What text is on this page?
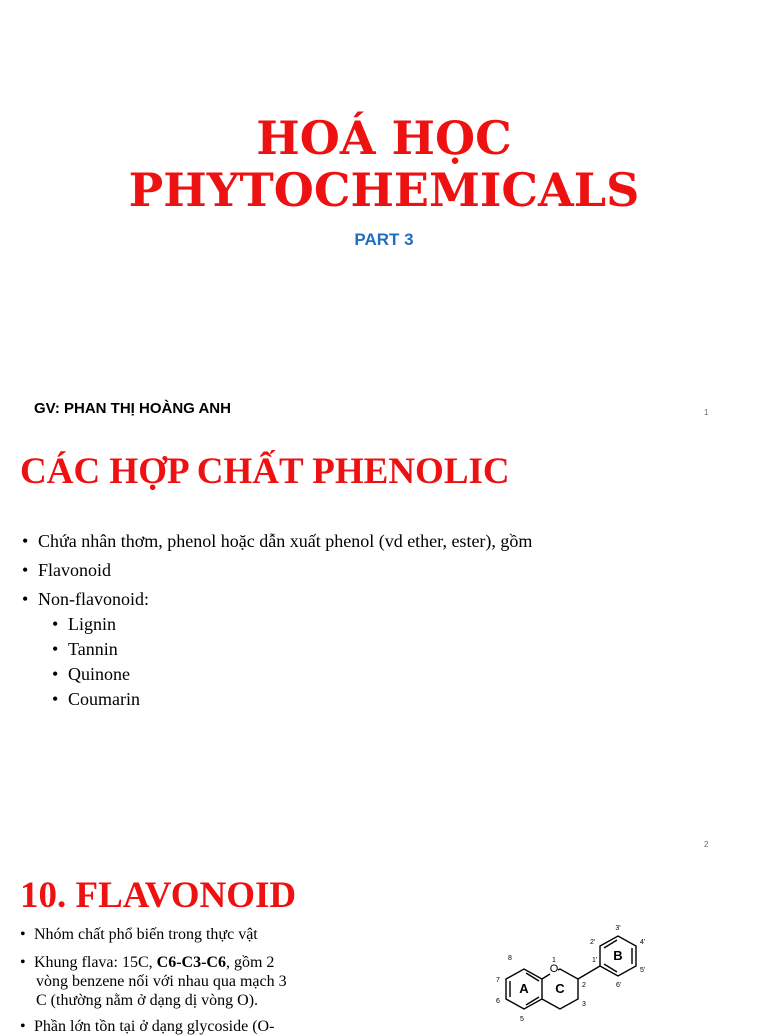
HOÁ HỌC
PHYTOCHEMICALS
PART 3
GV: PHAN THỊ HOÀNG ANH	1
CÁC HỢP CHẤT PHENOLIC
• Chứa nhân thơm, phenol hoặc dẫn xuất phenol (vd ether, ester), gồm
• Flavonoid
• Non-flavonoid:
• Lignin
• Tannin
• Quinone
• Coumarin
2
10. FLAVONOID
• Nhóm chất phổ biến trong thực vật
• Khung flava: 15C, C6-C3-C6, gồm 2
vòng benzene nối với nhau qua mạch 3
C (thường nằm ở dạng dị vòng O).
• Phần lớn tồn tại ở dạng glycoside (O-
O
A C
B
1
2
3
8
7
6
5
1'
2'
3'
4'
5'
6'
